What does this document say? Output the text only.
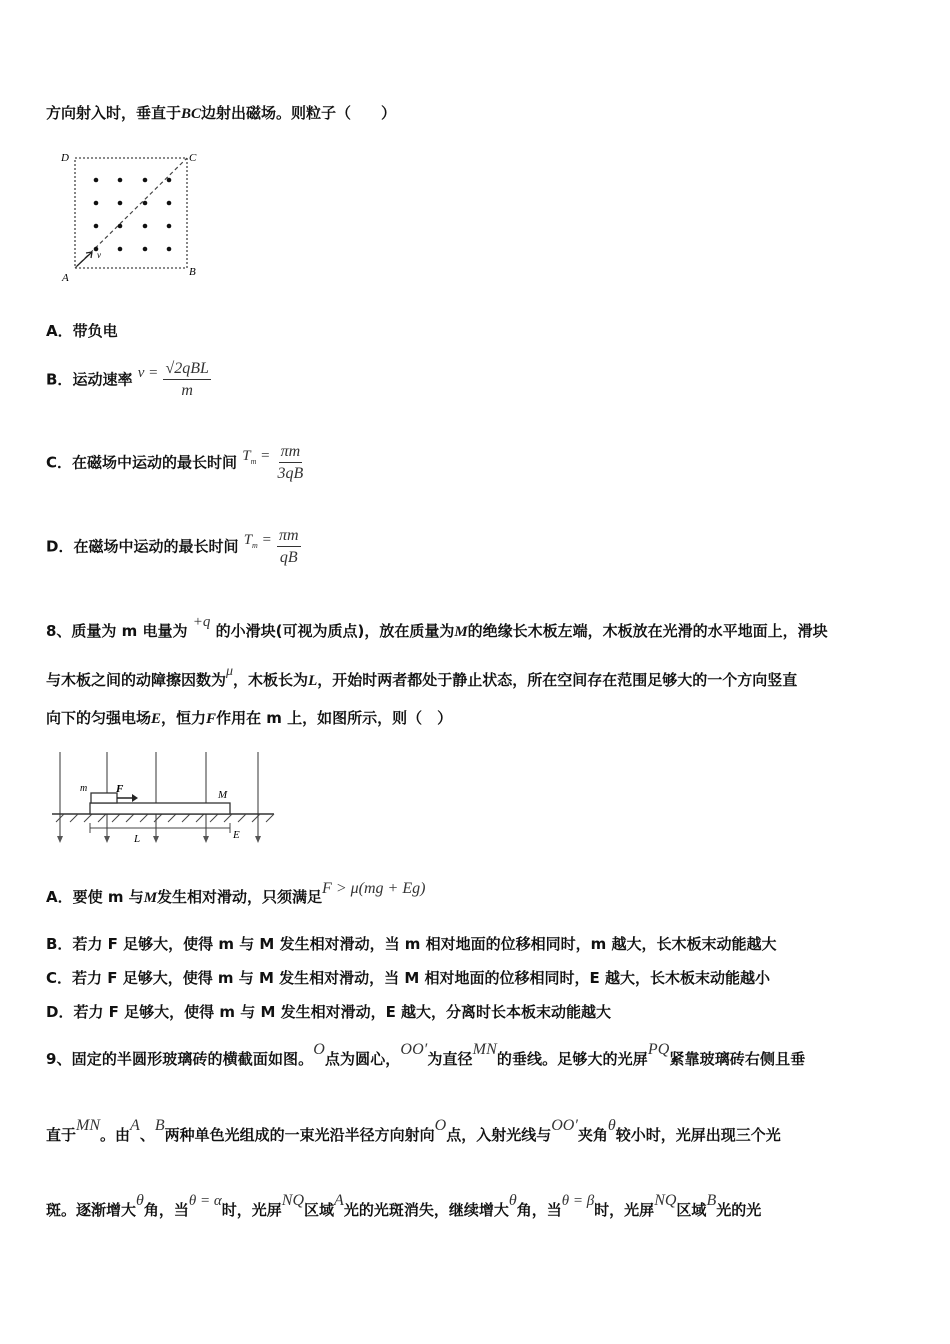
方向射入时，垂直于BC边射出磁场。则粒子（　　）
D	C
A	B
v
A．带负电
B．运动速率 $v = \frac{\text{√2qBL}}{m}$
C．在磁场中运动的最长时间 $T_m = \frac{\pi m}{3qB}$
D．在磁场中运动的最长时间 $T_m = \frac{\pi m}{qB}$
8、质量为 m 电量为 +q 的小滑块(可视为质点)，放在质量为M的绝缘长木板左端，木板放在光滑的水平地面上，滑块
与木板之间的动障擦因数为μ，木板长为L，开始时两者都处于静止状态，所在空间存在范围足够大的一个方向竖直
向下的匀强电场E，恒力F作用在 m 上，如图所示，则（　）
m	F	M
L	E
A．要使 m 与M发生相对滑动，只须满足F > μ(mg + Eg)
B．若力 F 足够大，使得 m 与 M 发生相对滑动，当 m 相对地面的位移相同时，m 越大，长木板末动能越大
C．若力 F 足够大，使得 m 与 M 发生相对滑动，当 M 相对地面的位移相同时，E 越大，长木板末动能越小
D．若力 F 足够大，使得 m 与 M 发生相对滑动，E 越大，分离时长本板末动能越大
9、固定的半圆形玻璃砖的横截面如图。O点为圆心，OO′为直径MN的垂线。足够大的光屏PQ紧靠玻璃砖右侧且垂
直于MN。由A、B两种单色光组成的一束光沿半径方向射向O点，入射光线与OO′夹角θ较小时，光屏出现三个光
斑。逐渐增大θ角，当θ = α时，光屏NQ区域A光的光斑消失，继续增大θ角，当θ = β时，光屏NQ区域B光的光
